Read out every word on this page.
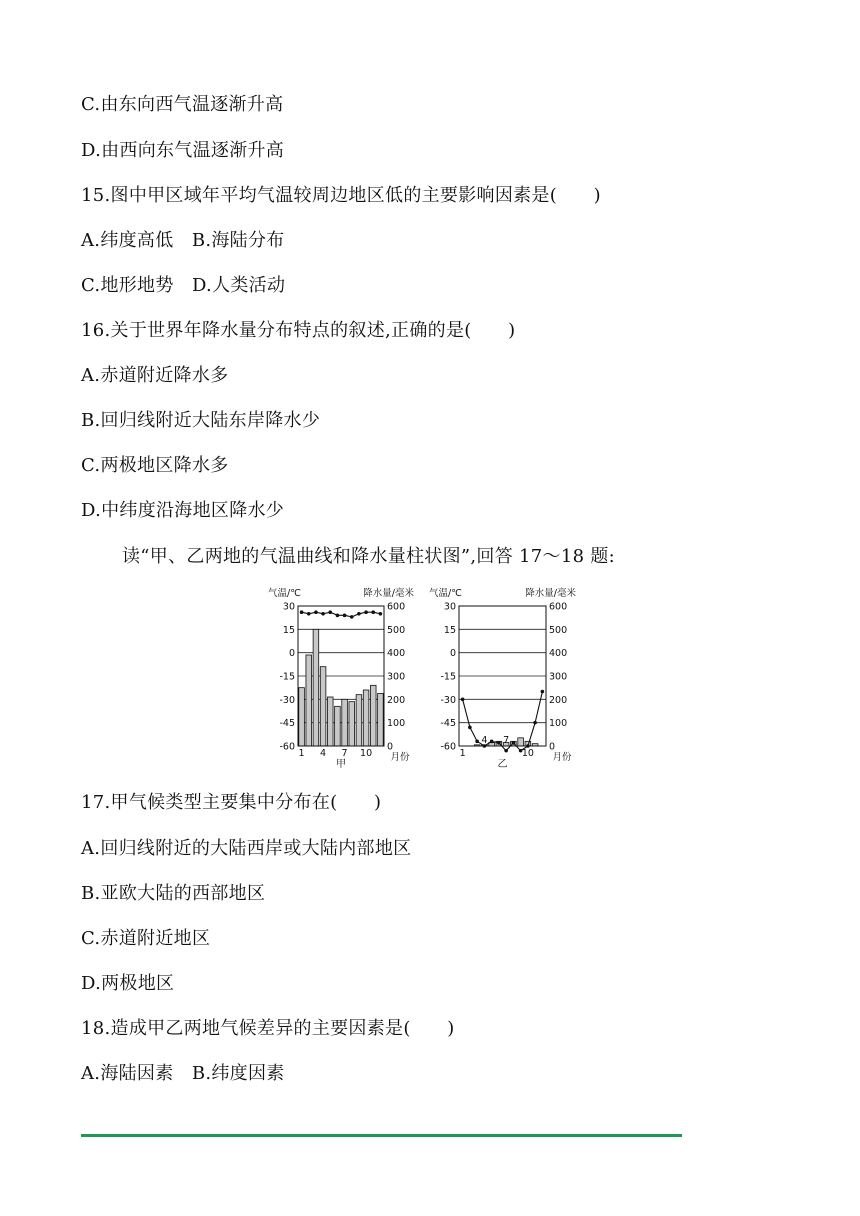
C.由东向西气温逐渐升高
D.由西向东气温逐渐升高
15.图中甲区域年平均气温较周边地区低的主要影响因素是(　　)
A.纬度高低　B.海陆分布
C.地形地势　D.人类活动
16.关于世界年降水量分布特点的叙述,正确的是(　　)
A.赤道附近降水多
B.回归线附近大陆东岸降水少
C.两极地区降水多
D.中纬度沿海地区降水少
读“甲、乙两地的气温曲线和降水量柱状图”,回答 17～18 题:
气温/℃	降水量/毫米
30	600
15	500
0	400
-15	300
-30	200
-45	100
-60	0
1 4 7 10 月份
甲
气温/℃	降水量/毫米
30	600
15	500
0	400
-15	300
-30	200
-45	100
-60	0
1
4 7
10 月份
乙
17.甲气候类型主要集中分布在(　　)
A.回归线附近的大陆西岸或大陆内部地区
B.亚欧大陆的西部地区
C.赤道附近地区
D.两极地区
18.造成甲乙两地气候差异的主要因素是(　　)
A.海陆因素　B.纬度因素
